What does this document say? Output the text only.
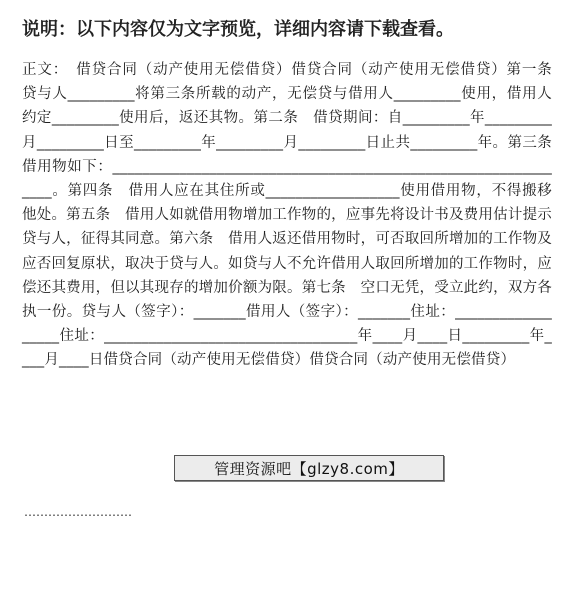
说明：以下内容仅为文字预览，详细内容请下载查看。

正文：　借贷合同（动产使用无偿借贷）借贷合同（动产使用无偿借贷）第一条　贷与人_________将第三条所载的动产，无偿贷与借用人_________使用，借用人约定_________使用后，返还其物。第二条　借贷期间：自_________年_________月_________日至_________年_________月_________日止共_________年。第三条　借用物如下：_______________________________________________________________。第四条　借用人应在其住所或__________________使用借用物，不得搬移他处。第五条　借用人如就借用物增加工作物的，应事先将设计书及费用估计提示贷与人，征得其同意。第六条　借用人返还借用物时，可否取回所增加的工作物及应否回复原状，取决于贷与人。如贷与人不允许借用人取回所增加的工作物时，应偿还其费用，但以其现存的增加价额为限。第七条　空口无凭，受立此约，双方各执一份。贷与人（签字）：_______借用人（签字）：_______住址：__________________住址：__________________________________年____月____日_________年____月____日借贷合同（动产使用无偿借贷）借贷合同（动产使用无偿借贷）

管理资源吧【glzy8.com】
………………………
